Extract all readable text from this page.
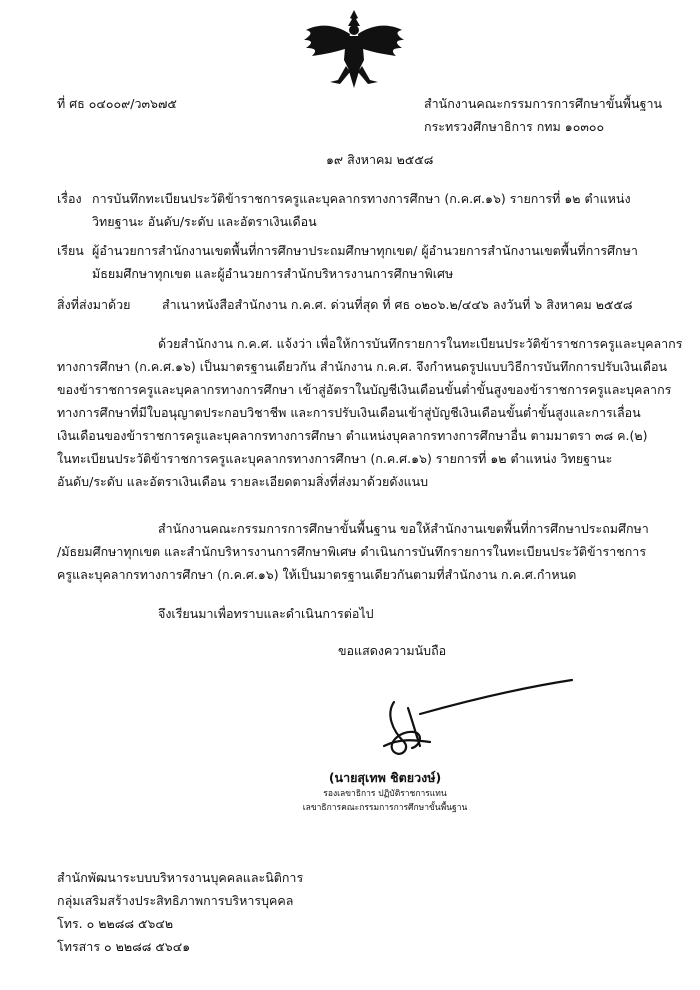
ที่ ศธ ๐๔๐๐๙/ว๓๖๗๕	สำนักงานคณะกรรมการการศึกษาขั้นพื้นฐาน
กระทรวงศึกษาธิการ กทม ๑๐๓๐๐
๑๙ สิงหาคม ๒๕๕๘
เรื่อง การบันทึกทะเบียนประวัติข้าราชการครูและบุคลากรทางการศึกษา (ก.ค.ศ.๑๖) รายการที่ ๑๒ ตำแหน่ง
วิทยฐานะ อันดับ/ระดับ และอัตราเงินเดือน
เรียน ผู้อำนวยการสำนักงานเขตพื้นที่การศึกษาประถมศึกษาทุกเขต/ ผู้อำนวยการสำนักงานเขตพื้นที่การศึกษา
มัธยมศึกษาทุกเขต และผู้อำนวยการสำนักบริหารงานการศึกษาพิเศษ
สิ่งที่ส่งมาด้วย	สำเนาหนังสือสำนักงาน ก.ค.ศ. ด่วนที่สุด ที่ ศธ ๐๒๐๖.๒/๔๔๖ ลงวันที่ ๖ สิงหาคม ๒๕๕๘
ด้วยสำนักงาน ก.ค.ศ. แจ้งว่า เพื่อให้การบันทึกรายการในทะเบียนประวัติข้าราชการครูและบุคลากร
ทางการศึกษา (ก.ค.ศ.๑๖) เป็นมาตรฐานเดียวกัน สำนักงาน ก.ค.ศ. จึงกำหนดรูปแบบวิธีการบันทึกการปรับเงินเดือน
ของข้าราชการครูและบุคลากรทางการศึกษา เข้าสู่อัตราในบัญชีเงินเดือนขั้นต่ำขั้นสูงของข้าราชการครูและบุคลากร
ทางการศึกษาที่มีใบอนุญาตประกอบวิชาชีพ และการปรับเงินเดือนเข้าสู่บัญชีเงินเดือนขั้นต่ำขั้นสูงและการเลื่อน
เงินเดือนของข้าราชการครูและบุคลากรทางการศึกษา ตำแหน่งบุคลากรทางการศึกษาอื่น ตามมาตรา ๓๘ ค.(๒)
ในทะเบียนประวัติข้าราชการครูและบุคลากรทางการศึกษา (ก.ค.ศ.๑๖) รายการที่ ๑๒ ตำแหน่ง วิทยฐานะ
อันดับ/ระดับ และอัตราเงินเดือน รายละเอียดตามสิ่งที่ส่งมาด้วยดังแนบ
สำนักงานคณะกรรมการการศึกษาขั้นพื้นฐาน ขอให้สำนักงานเขตพื้นที่การศึกษาประถมศึกษา
/มัธยมศึกษาทุกเขต และสำนักบริหารงานการศึกษาพิเศษ ดำเนินการบันทึกรายการในทะเบียนประวัติข้าราชการ
ครูและบุคลากรทางการศึกษา (ก.ค.ศ.๑๖) ให้เป็นมาตรฐานเดียวกันตามที่สำนักงาน ก.ค.ศ.กำหนด
จึงเรียนมาเพื่อทราบและดำเนินการต่อไป
ขอแสดงความนับถือ
(นายสุเทพ ชิตยวงษ์)
รองเลขาธิการ ปฏิบัติราชการแทน
เลขาธิการคณะกรรมการการศึกษาขั้นพื้นฐาน
สำนักพัฒนาระบบบริหารงานบุคคลและนิติการ
กลุ่มเสริมสร้างประสิทธิภาพการบริหารบุคคล
โทร. ๐ ๒๒๘๘ ๕๖๔๒
โทรสาร ๐ ๒๒๘๘ ๕๖๔๑
